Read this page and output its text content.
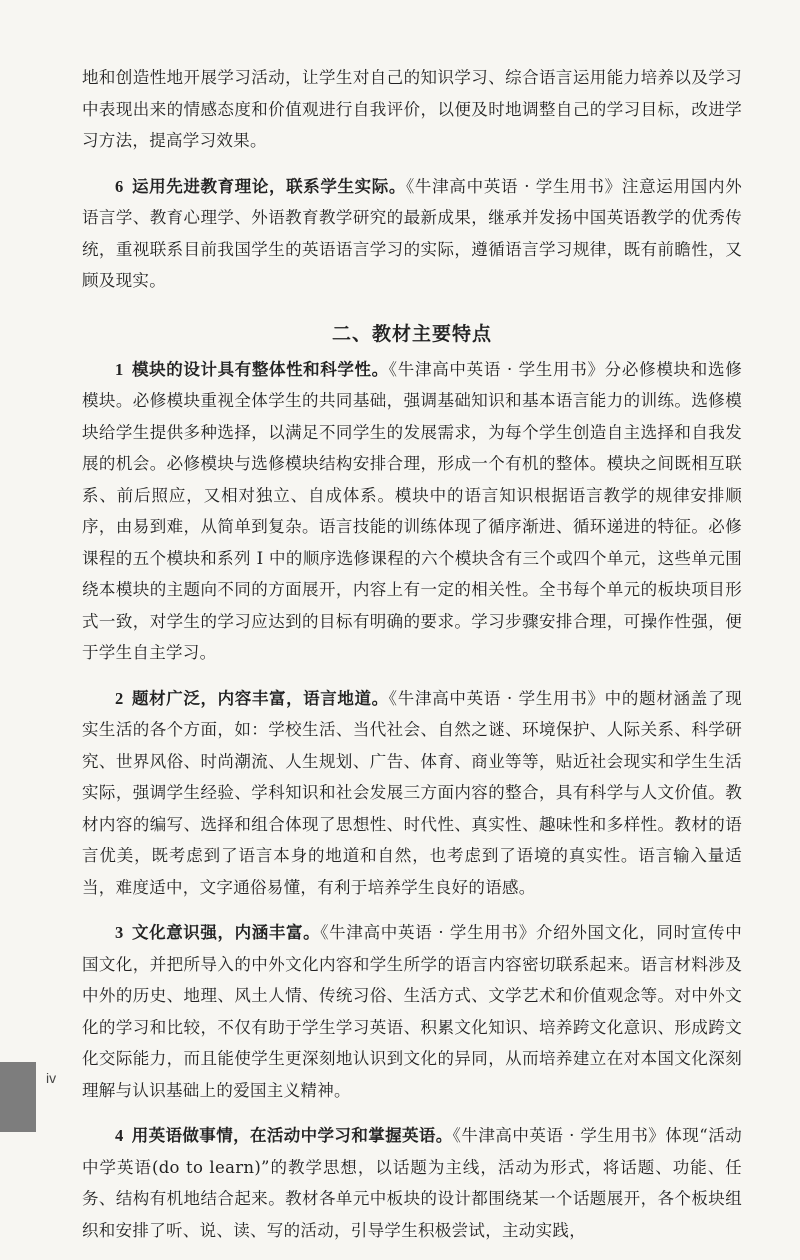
地和创造性地开展学习活动，让学生对自己的知识学习、综合语言运用能力培养以及学习中表现出来的情感态度和价值观进行自我评价，以便及时地调整自己的学习目标，改进学习方法，提高学习效果。

6 运用先进教育理论，联系学生实际。《牛津高中英语 · 学生用书》注意运用国内外语言学、教育心理学、外语教育教学研究的最新成果，继承并发扬中国英语教学的优秀传统，重视联系目前我国学生的英语语言学习的实际，遵循语言学习规律，既有前瞻性，又顾及现实。

二、教材主要特点

1 模块的设计具有整体性和科学性。《牛津高中英语 · 学生用书》分必修模块和选修模块。必修模块重视全体学生的共同基础，强调基础知识和基本语言能力的训练。选修模块给学生提供多种选择，以满足不同学生的发展需求，为每个学生创造自主选择和自我发展的机会。必修模块与选修模块结构安排合理，形成一个有机的整体。模块之间既相互联系、前后照应，又相对独立、自成体系。模块中的语言知识根据语言教学的规律安排顺序，由易到难，从简单到复杂。语言技能的训练体现了循序渐进、循环递进的特征。必修课程的五个模块和系列 I 中的顺序选修课程的六个模块含有三个或四个单元，这些单元围绕本模块的主题向不同的方面展开，内容上有一定的相关性。全书每个单元的板块项目形式一致，对学生的学习应达到的目标有明确的要求。学习步骤安排合理，可操作性强，便于学生自主学习。

2 题材广泛，内容丰富，语言地道。《牛津高中英语 · 学生用书》中的题材涵盖了现实生活的各个方面，如：学校生活、当代社会、自然之谜、环境保护、人际关系、科学研究、世界风俗、时尚潮流、人生规划、广告、体育、商业等等，贴近社会现实和学生生活实际，强调学生经验、学科知识和社会发展三方面内容的整合，具有科学与人文价值。教材内容的编写、选择和组合体现了思想性、时代性、真实性、趣味性和多样性。教材的语言优美，既考虑到了语言本身的地道和自然，也考虑到了语境的真实性。语言输入量适当，难度适中，文字通俗易懂，有利于培养学生良好的语感。

3 文化意识强，内涵丰富。《牛津高中英语 · 学生用书》介绍外国文化，同时宣传中国文化，并把所导入的中外文化内容和学生所学的语言内容密切联系起来。语言材料涉及中外的历史、地理、风土人情、传统习俗、生活方式、文学艺术和价值观念等。对中外文化的学习和比较，不仅有助于学生学习英语、积累文化知识、培养跨文化意识、形成跨文化交际能力，而且能使学生更深刻地认识到文化的异同，从而培养建立在对本国文化深刻理解与认识基础上的爱国主义精神。

4 用英语做事情，在活动中学习和掌握英语。《牛津高中英语 · 学生用书》体现“活动中学英语(do to learn)”的教学思想，以话题为主线，活动为形式，将话题、功能、任务、结构有机地结合起来。教材各单元中板块的设计都围绕某一个话题展开，各个板块组织和安排了听、说、读、写的活动，引导学生积极尝试，主动实践，

iv
